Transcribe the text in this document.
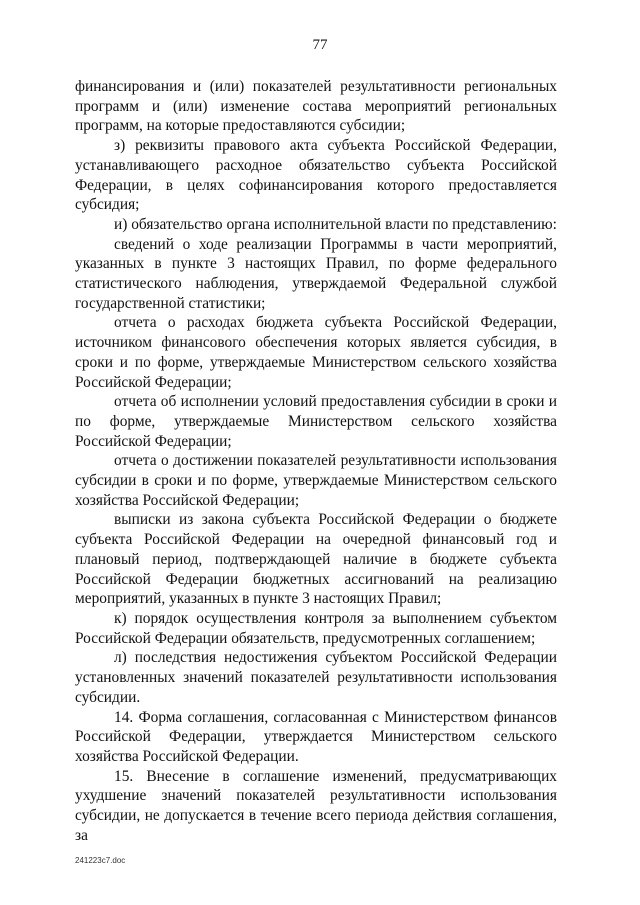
77

финансирования и (или) показателей результативности региональных программ и (или) изменение состава мероприятий региональных программ, на которые предоставляются субсидии;

з) реквизиты правового акта субъекта Российской Федерации, устанавливающего расходное обязательство субъекта Российской Федерации, в целях софинансирования которого предоставляется субсидия;

и) обязательство органа исполнительной власти по представлению:

сведений о ходе реализации Программы в части мероприятий, указанных в пункте 3 настоящих Правил, по форме федерального статистического наблюдения, утверждаемой Федеральной службой государственной статистики;

отчета о расходах бюджета субъекта Российской Федерации, источником финансового обеспечения которых является субсидия, в сроки и по форме, утверждаемые Министерством сельского хозяйства Российской Федерации;

отчета об исполнении условий предоставления субсидии в сроки и по форме, утверждаемые Министерством сельского хозяйства Российской Федерации;

отчета о достижении показателей результативности использования субсидии в сроки и по форме, утверждаемые Министерством сельского хозяйства Российской Федерации;

выписки из закона субъекта Российской Федерации о бюджете субъекта Российской Федерации на очередной финансовый год и плановый период, подтверждающей наличие в бюджете субъекта Российской Федерации бюджетных ассигнований на реализацию мероприятий, указанных в пункте 3 настоящих Правил;

к) порядок осуществления контроля за выполнением субъектом Российской Федерации обязательств, предусмотренных соглашением;

л) последствия недостижения субъектом Российской Федерации установленных значений показателей результативности использования субсидии.

14. Форма соглашения, согласованная с Министерством финансов Российской Федерации, утверждается Министерством сельского хозяйства Российской Федерации.

15. Внесение в соглашение изменений, предусматривающих ухудшение значений показателей результативности использования субсидии, не допускается в течение всего периода действия соглашения, за

241223c7.doc
